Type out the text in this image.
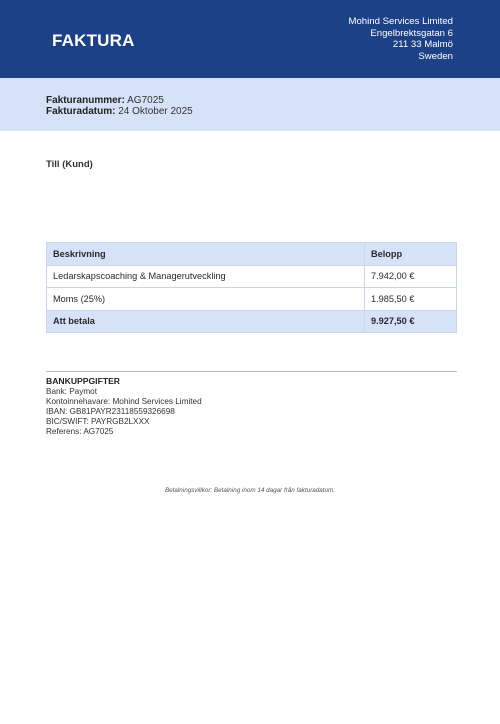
FAKTURA
Mohind Services Limited
Engelbrektsgatan 6
211 33 Malmö
Sweden
Fakturanummer: AG7025
Fakturadatum: 24 Oktober 2025
Till (Kund)
Beskrivning	Belopp
Ledarskapscoaching & Managerutveckling	7.942,00 €
Moms (25%)	1.985,50 €
Att betala	9.927,50 €
BANKUPPGIFTER
Bank: Paymot
Kontoinnehavare: Mohind Services Limited
IBAN: GB81PAYR23118559326698
BIC/SWIFT: PAYRGB2LXXX
Referens: AG7025
Betalningsvillkor: Betalning inom 14 dagar från fakturadatum.
